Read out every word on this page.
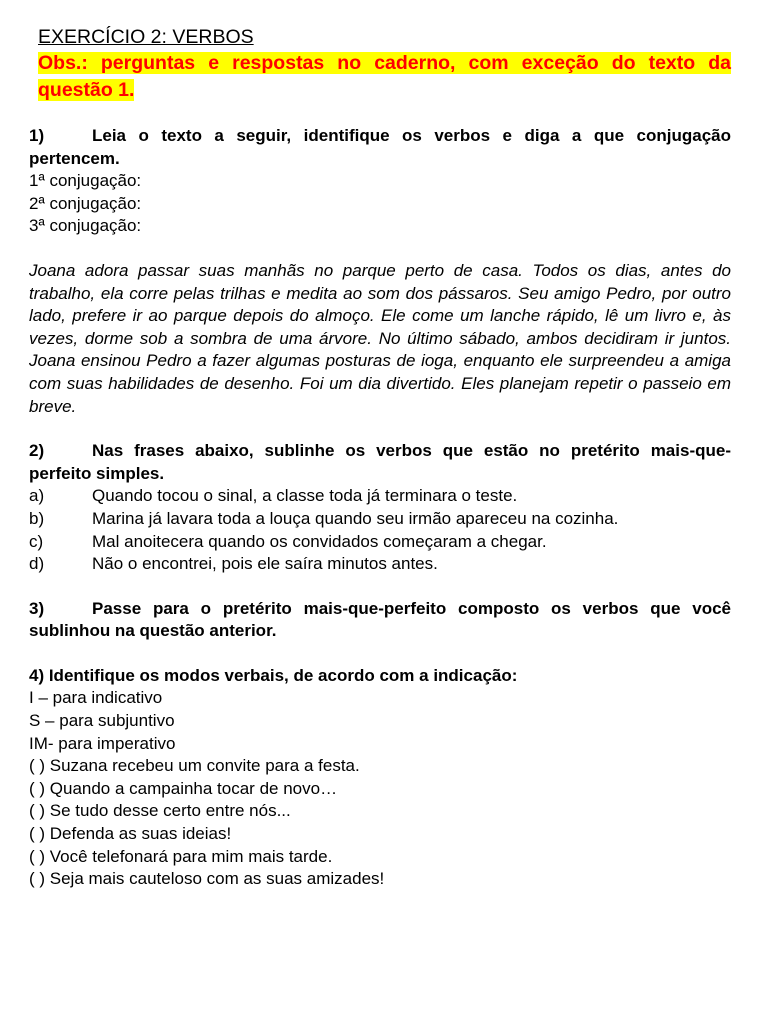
EXERCÍCIO 2: VERBOS
Obs.: perguntas e respostas no caderno, com exceção do texto da questão 1.

1)	Leia o texto a seguir, identifique os verbos e diga a que conjugação pertencem.

1ª conjugação:

2ª conjugação:

3ª conjugação:

Joana adora passar suas manhãs no parque perto de casa. Todos os dias, antes do trabalho, ela corre pelas trilhas e medita ao som dos pássaros. Seu amigo Pedro, por outro lado, prefere ir ao parque depois do almoço. Ele come um lanche rápido, lê um livro e, às vezes, dorme sob a sombra de uma árvore. No último sábado, ambos decidiram ir juntos. Joana ensinou Pedro a fazer algumas posturas de ioga, enquanto ele surpreendeu a amiga com suas habilidades de desenho. Foi um dia divertido. Eles planejam repetir o passeio em breve.

2)	Nas frases abaixo, sublinhe os verbos que estão no pretérito mais-que-perfeito simples.

a)	Quando tocou o sinal, a classe toda já terminara o teste.
b)	Marina já lavara toda a louça quando seu irmão apareceu na cozinha.
c)	Mal anoitecera quando os convidados começaram a chegar.
d)	Não o encontrei, pois ele saíra minutos antes.

3)	Passe para o pretérito mais-que-perfeito composto os verbos que você sublinhou na questão anterior.

4) Identifique os modos verbais, de acordo com a indicação:

I – para indicativo

S – para subjuntivo

IM- para imperativo

( ) Suzana recebeu um convite para a festa.

( ) Quando a campainha tocar de novo…

( ) Se tudo desse certo entre nós...

( ) Defenda as suas ideias!

( ) Você telefonará para mim mais tarde.

( ) Seja mais cauteloso com as suas amizades!
